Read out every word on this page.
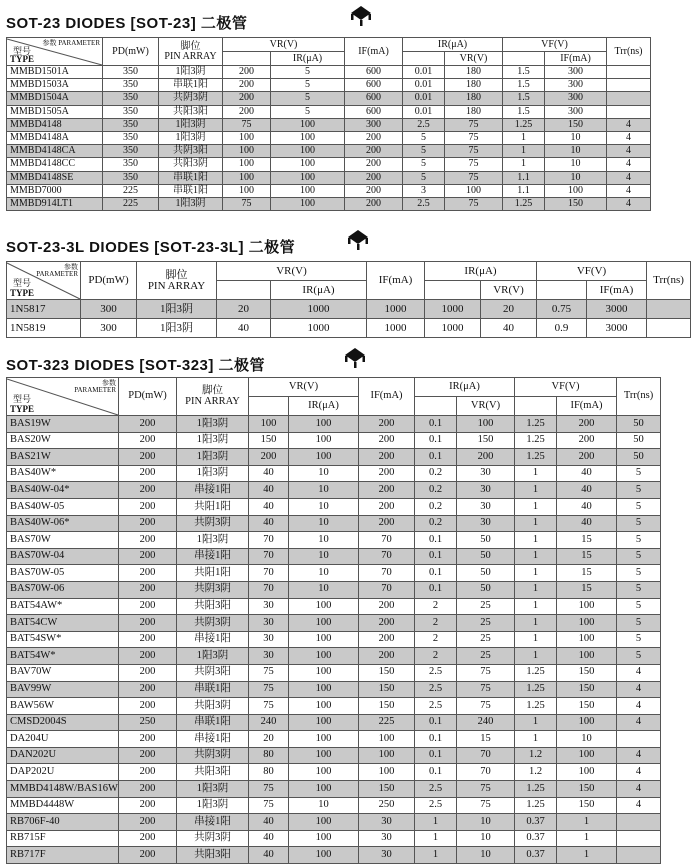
SOT-23 DIODES [SOT-23] 二极管
参数 PARAMETER
型号
TYPE	PD(mW)	脚位
PIN ARRAY	VR(V)		IF(mA)	IR(μA)		VF(V)		Trr(ns)
				IR(μA)			VR(V)		IF(mA)	
MMBD1501A	350	1阳3阴	200	5	600	0.01	180	1.5	300	
MMBD1503A	350	串联1阳	200	5	600	0.01	180	1.5	300	
MMBD1504A	350	共阴3阴	200	5	600	0.01	180	1.5	300	
MMBD1505A	350	共阳3阳	200	5	600	0.01	180	1.5	300	
MMBD4148	350	1阳3阴	75	100	300	2.5	75	1.25	150	4
MMBD4148A	350	1阳3阴	100	100	200	5	75	1	10	4
MMBD4148CA	350	共阴3阳	100	100	200	5	75	1	10	4
MMBD4148CC	350	共阳3阴	100	100	200	5	75	1	10	4
MMBD4148SE	350	串联1阳	100	100	200	5	75	1.1	10	4
MMBD7000	225	串联1阳	100	100	200	3	100	1.1	100	4
MMBD914LT1	225	1阳3阴	75	100	200	2.5	75	1.25	150	4
SOT-23-3L DIODES [SOT-23-3L] 二极管
参数
PARAMETER
型号
TYPE	PD(mW)	脚位
PIN ARRAY	VR(V)		IF(mA)	IR(μA)		VF(V)		Trr(ns)
				IR(μA)			VR(V)		IF(mA)	
1N5817	300	1阳3阴	20	1000	1000	1000	20	0.75	3000	
1N5819	300	1阳3阴	40	1000	1000	1000	40	0.9	3000	
SOT-323 DIODES [SOT-323] 二极管
参数
PARAMETER
型号
TYPE	PD(mW)	脚位
PIN ARRAY	VR(V)		IF(mA)	IR(μA)		VF(V)		Trr(ns)
				IR(μA)			VR(V)		IF(mA)	
BAS19W	200	1阳3阴	100	100	200	0.1	100	1.25	200	50
BAS20W	200	1阳3阴	150	100	200	0.1	150	1.25	200	50
BAS21W	200	1阳3阴	200	100	200	0.1	200	1.25	200	50
BAS40W*	200	1阳3阴	40	10	200	0.2	30	1	40	5
BAS40W-04*	200	串接1阳	40	10	200	0.2	30	1	40	5
BAS40W-05	200	共阳1阳	40	10	200	0.2	30	1	40	5
BAS40W-06*	200	共阴3阴	40	10	200	0.2	30	1	40	5
BAS70W	200	1阳3阴	70	10	70	0.1	50	1	15	5
BAS70W-04	200	串接1阳	70	10	70	0.1	50	1	15	5
BAS70W-05	200	共阳1阳	70	10	70	0.1	50	1	15	5
BAS70W-06	200	共阴3阴	70	10	70	0.1	50	1	15	5
BAT54AW*	200	共阳3阳	30	100	200	2	25	1	100	5
BAT54CW	200	共阴3阴	30	100	200	2	25	1	100	5
BAT54SW*	200	串接1阳	30	100	200	2	25	1	100	5
BAT54W*	200	1阳3阴	30	100	200	2	25	1	100	5
BAV70W	200	共阴3阳	75	100	150	2.5	75	1.25	150	4
BAV99W	200	串联1阳	75	100	150	2.5	75	1.25	150	4
BAW56W	200	共阳3阴	75	100	150	2.5	75	1.25	150	4
CMSD2004S	250	串联1阳	240	100	225	0.1	240	1	100	4
DA204U	200	串接1阳	20	100	100	0.1	15	1	10	
DAN202U	200	共阴3阴	80	100	100	0.1	70	1.2	100	4
DAP202U	200	共阳3阳	80	100	100	0.1	70	1.2	100	4
MMBD4148W/BAS16W	200	1阳3阴	75	100	150	2.5	75	1.25	150	4
MMBD4448W	200	1阳3阴	75	10	250	2.5	75	1.25	150	4
RB706F-40	200	串接1阳	40	100	30	1	10	0.37	1	
RB715F	200	共阴3阴	40	100	30	1	10	0.37	1	
RB717F	200	共阳3阳	40	100	30	1	10	0.37	1	
